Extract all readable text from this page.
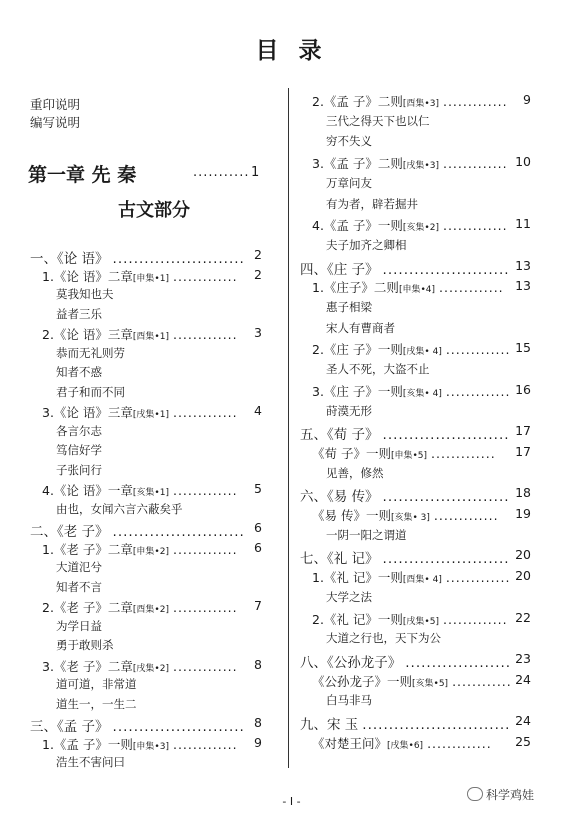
目 录
重印说明
编写说明
第一章 先 秦	........... 1
古文部分
一、《论 语》 ......................... 2
1.《论 语》二章[申集•1] ............. 2
莫我知也夫
益者三乐
2.《论 语》三章[酉集•1] ............. 3
恭而无礼则劳
知者不惑
君子和而不同
3.《论 语》三章[戌集•1] ............. 4
各言尔志
笃信好学
子张问行
4.《论 语》一章[亥集•1] ............. 5
由也，女闻六言六蔽矣乎
二、《老 子》 ......................... 6
1.《老 子》二章[申集•2] ............. 6
大道氾兮
知者不言
2.《老 子》二章[酉集•2] ............. 7
为学日益
勇于敢则杀
3.《老 子》二章[戌集•2] ............. 8
道可道，非常道
道生一，一生二
三、《孟 子》 ......................... 8
1.《孟 子》一则[申集•3] ............. 9
浩生不害问曰
2.《孟 子》二则[酉集•3] ............. 9
三代之得天下也以仁
穷不失义
3.《孟 子》二则[戌集•3] ............. 10
万章问友
有为者，辟若掘井
4.《孟 子》一则[亥集•2] ............. 11
夫子加齐之卿相
四、《庄 子》 ........................ 13
1.《庄子》二则[申集•4] ............. 13
惠子相梁
宋人有曹商者
2.《庄 子》一则[戌集• 4] ............. 15
圣人不死，大盗不止
3.《庄 子》一则[亥集• 4] ............. 16
莳漠无形
五、《荀 子》 ........................ 17
《荀 子》一则[申集•5] ............. 17
见善，修然
六、《易 传》 ........................ 18
《易 传》一则[亥集• 3] ............. 19
一阴一阳之谓道
七、《礼 记》 ........................ 20
1.《礼 记》一则[酉集• 4] ............. 20
大学之法
2.《礼 记》一则[戌集•5] ............. 22
大道之行也，天下为公
八、《公孙龙子》 .................... 23
《公孙龙子》一则[亥集•5] ............ 24
白马非马
九、宋 玉 ............................ 24
《对楚王问》[戌集•6] ............. 25
- I -	科学鸡娃
